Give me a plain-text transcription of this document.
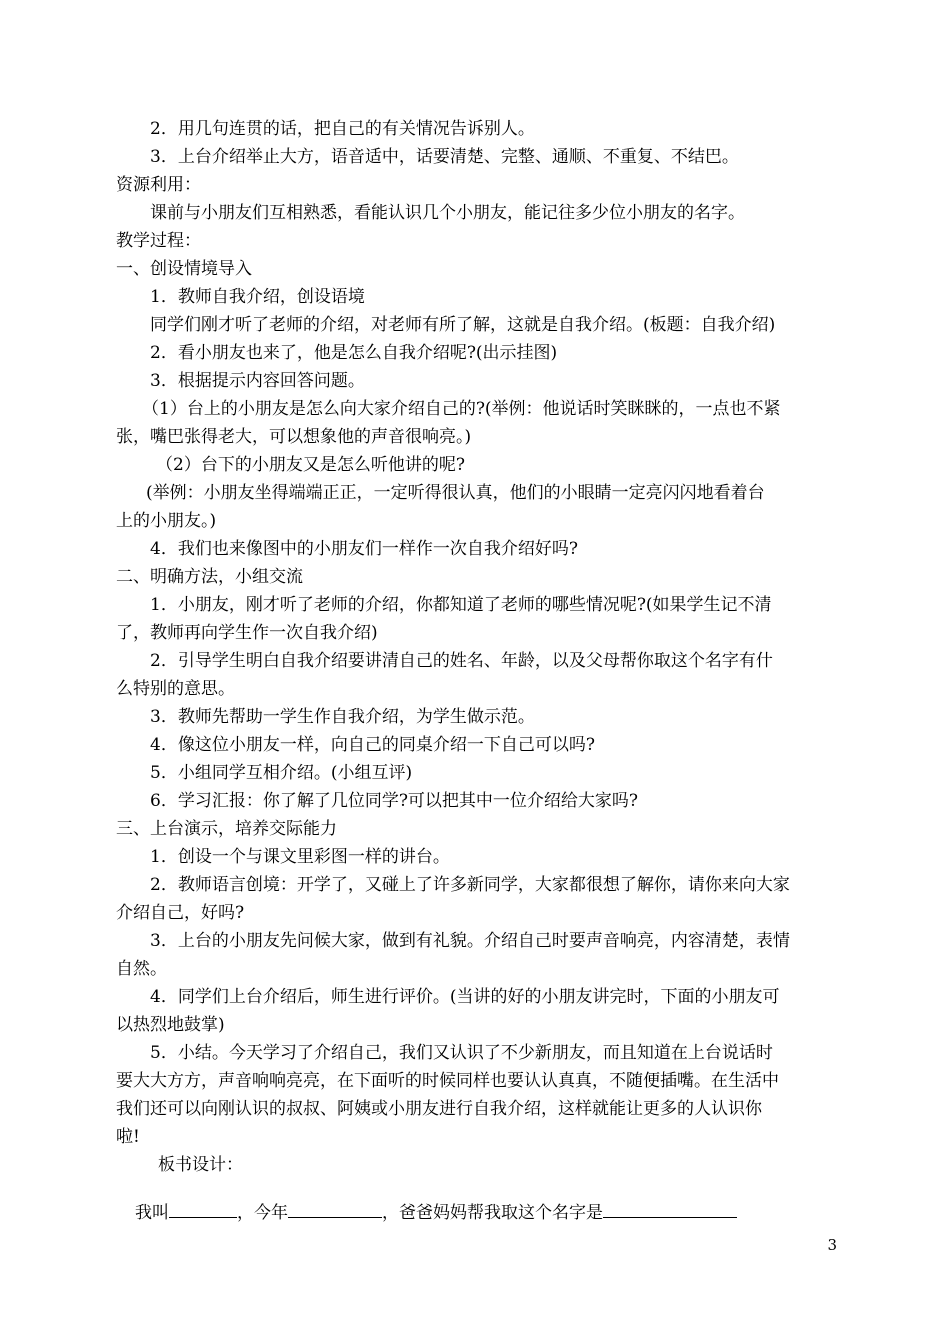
2．用几句连贯的话，把自己的有关情况告诉别人。
3．上台介绍举止大方，语音适中，话要清楚、完整、通顺、不重复、不结巴。
资源利用：
课前与小朋友们互相熟悉，看能认识几个小朋友，能记往多少位小朋友的名字。
教学过程：
一、创设情境导入
1．教师自我介绍，创设语境
同学们刚才听了老师的介绍，对老师有所了解，这就是自我介绍。(板题：自我介绍)
2．看小朋友也来了，他是怎么自我介绍呢?(出示挂图)
3．根据提示内容回答问题。
（1）台上的小朋友是怎么向大家介绍自己的?(举例：他说话时笑眯眯的，一点也不紧
张，嘴巴张得老大，可以想象他的声音很响亮。)
（2）台下的小朋友又是怎么听他讲的呢?
(举例：小朋友坐得端端正正，一定听得很认真，他们的小眼睛一定亮闪闪地看着台
上的小朋友。)
4．我们也来像图中的小朋友们一样作一次自我介绍好吗?
二、明确方法，小组交流
1．小朋友，刚才听了老师的介绍，你都知道了老师的哪些情况呢?(如果学生记不清
了，教师再向学生作一次自我介绍)
2．引导学生明白自我介绍要讲清自己的姓名、年龄，以及父母帮你取这个名字有什
么特别的意思。
3．教师先帮助一学生作自我介绍，为学生做示范。
4．像这位小朋友一样，向自己的同桌介绍一下自己可以吗?
5．小组同学互相介绍。(小组互评)
6．学习汇报：你了解了几位同学?可以把其中一位介绍给大家吗?
三、上台演示，培养交际能力
1．创设一个与课文里彩图一样的讲台。
2．教师语言创境：开学了，又碰上了许多新同学，大家都很想了解你，请你来向大家
介绍自己，好吗?
3．上台的小朋友先问候大家，做到有礼貌。介绍自己时要声音响亮，内容清楚，表情
自然。
4．同学们上台介绍后，师生进行评价。(当讲的好的小朋友讲完时，下面的小朋友可
以热烈地鼓掌)
5．小结。今天学习了介绍自己，我们又认识了不少新朋友，而且知道在上台说话时
要大大方方，声音响响亮亮，在下面听的时候同样也要认认真真，不随便插嘴。在生活中
我们还可以向刚认识的叔叔、阿姨或小朋友进行自我介绍，这样就能让更多的人认识你
啦!
板书设计：
我叫	，今年	，爸爸妈妈帮我取这个名字是
3
